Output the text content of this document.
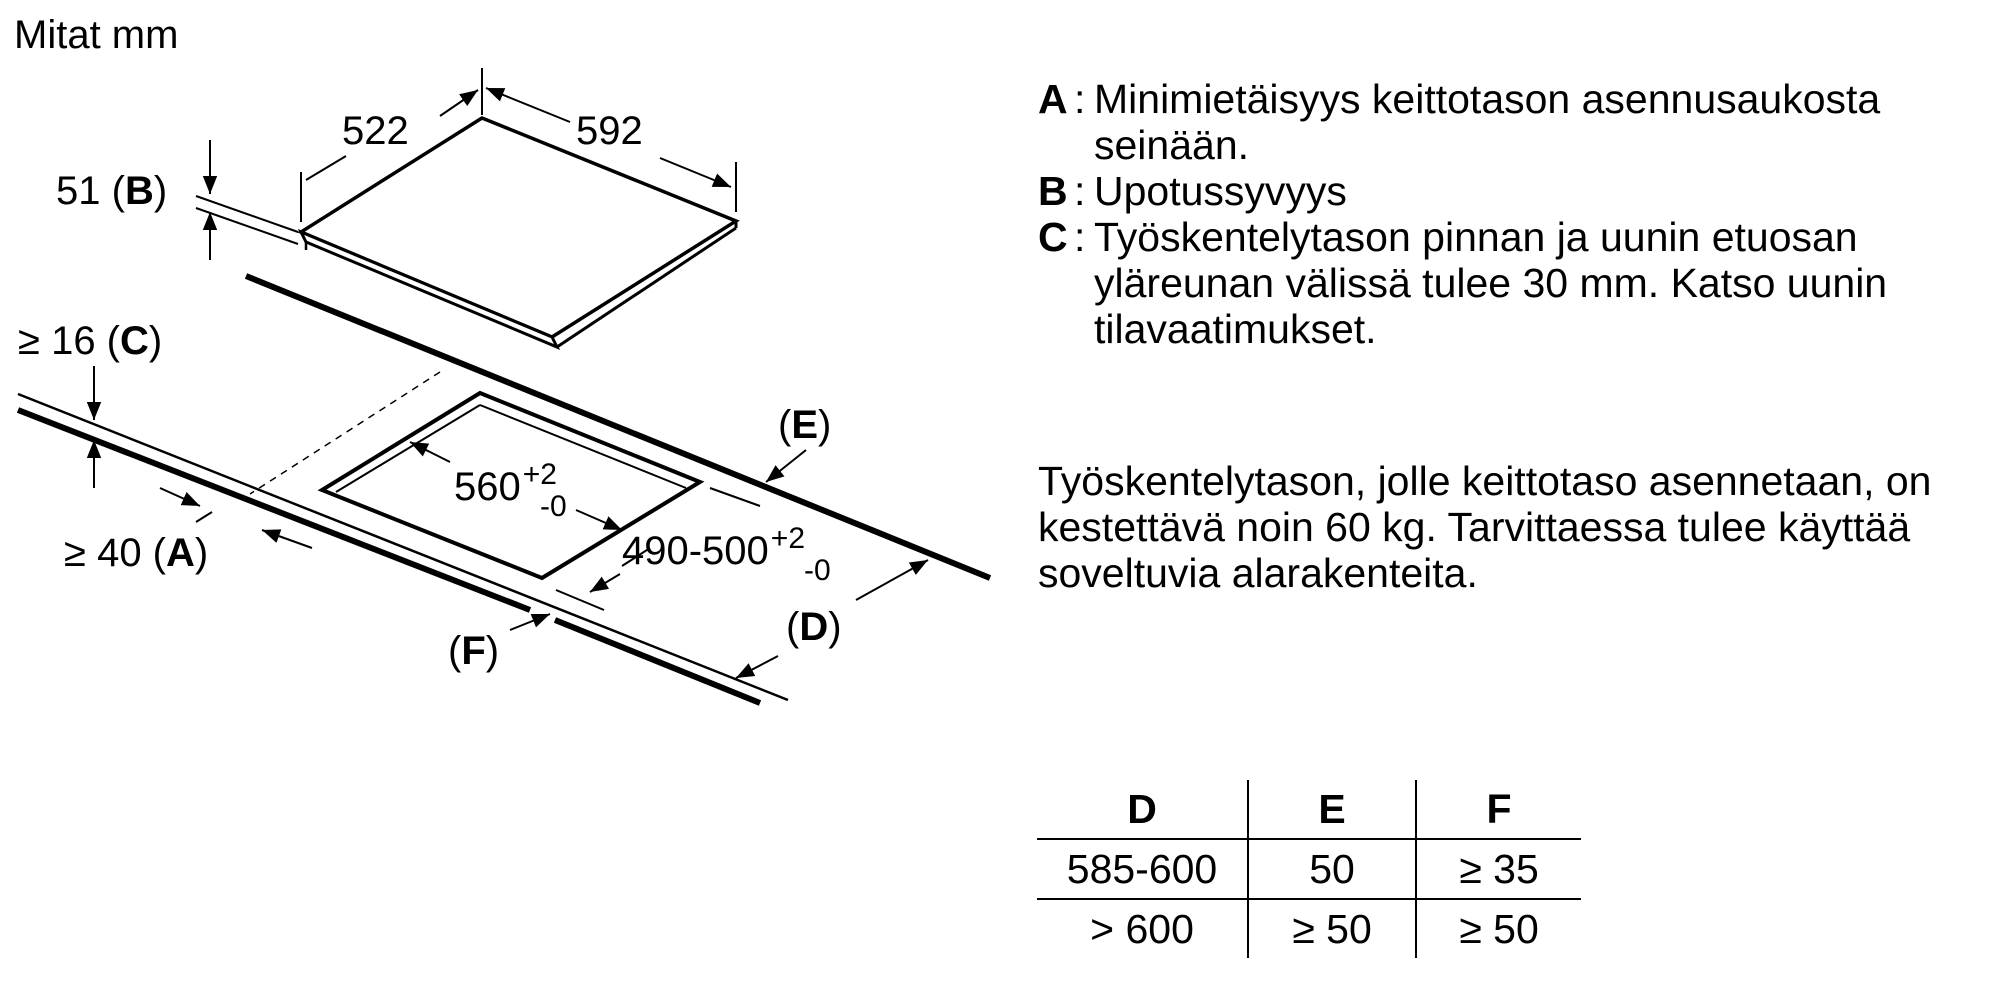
Mitat mm
522	592
51 (B)
$560^{+2}$ -0
$490-500^{+2}$ -0
≥ 16 (C)
≥ 40 (A)
(E)
(D)
(F)
A : Minimietäisyys keittotason asennusaukosta seinään.
B : Upotussyvyys
C : Työskentelytason pinnan ja uunin etuosan yläreunan välissä tulee 30 mm. Katso uunin tilavaatimukset.
Työskentelytason, jolle keittotaso asennetaan, on kestettävä noin 60 kg. Tarvittaessa tulee käyttää soveltuvia alarakenteita.
D	E	F
585-600	50	≥ 35
> 600	≥ 50	≥ 50
